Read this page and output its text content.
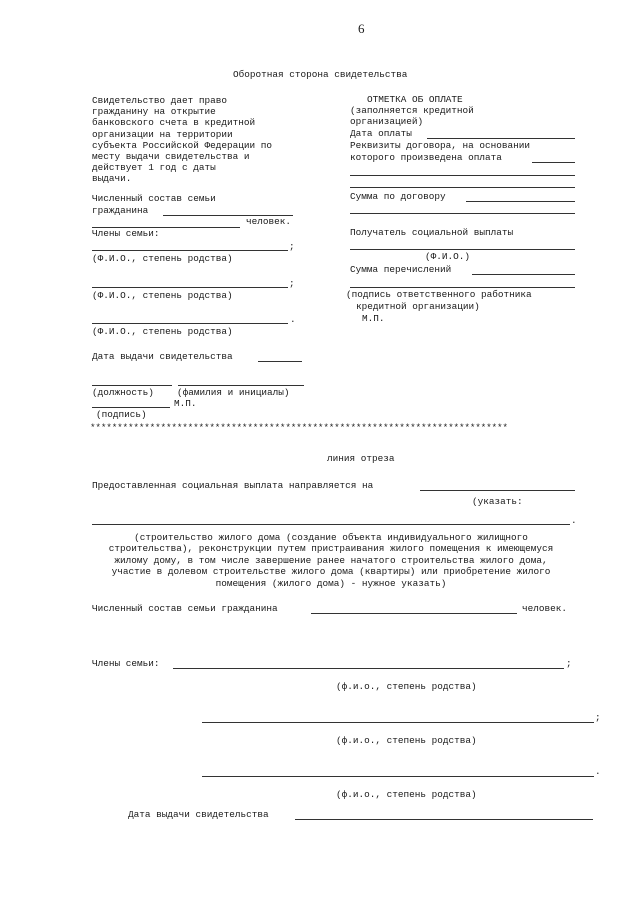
6
Оборотная сторона свидетельства
Свидетельство дает право
гражданину на открытие
банковского счета в кредитной
организации на территории
субъекта Российской Федерации по
месту выдачи свидетельства и
действует 1 год с даты
выдачи.
Численный состав семьи
гражданина
человек.
Члены семьи:
;
(Ф.И.О., степень родства)
;
(Ф.И.О., степень родства)
.
(Ф.И.О., степень родства)
Дата выдачи свидетельства
(должность) (фамилия и инициалы)
М.П.
(подпись)
ОТМЕТКА ОБ ОПЛАТЕ
(заполняется кредитной
организацией)
Дата оплаты
Реквизиты договора, на основании
которого произведена оплата
Сумма по договору
Получатель социальной выплаты
(Ф.И.О.)
Сумма перечислений
(подпись ответственного работника
кредитной организации)
М.П.
*****************************************************************************
линия отреза
Предоставленная социальная выплата направляется на
(указать:
.
(строительство жилого дома (создание объекта индивидуального жилищного
строительства), реконструкции путем пристраивания жилого помещения к имеющемуся
жилому дому, в том числе завершение ранее начатого строительства жилого дома,
участие в долевом строительстве жилого дома (квартиры) или приобретение жилого
помещения (жилого дома) - нужное указать)
Численный состав семьи гражданина	человек.
Члены семьи:	;
(ф.и.о., степень родства)
;
(ф.и.о., степень родства)
.
(ф.и.о., степень родства)
Дата выдачи свидетельства
